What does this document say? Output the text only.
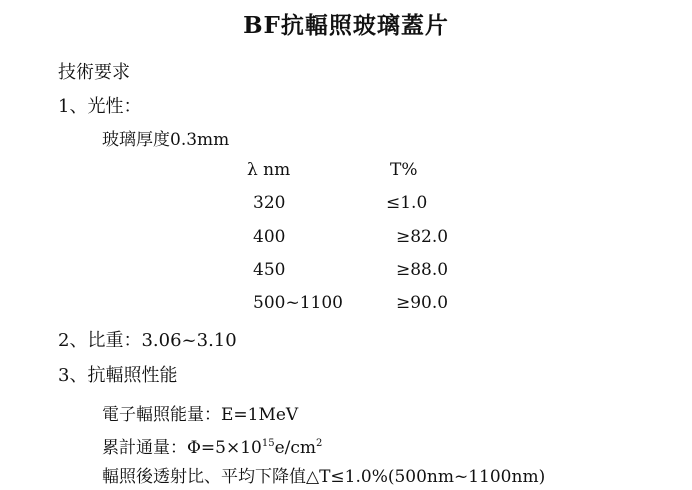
BF抗輻照玻璃蓋片
技術要求
1、光性：
玻璃厚度0.3mm
λ nm	T%
320	≤1.0
400	≥82.0
450	≥88.0
500~1100	≥90.0
2、比重：3.06~3.10
3、抗輻照性能
電子輻照能量：E=1MeV
累計通量：$\Phi=5\times 10^{15}e/cm^2$
輻照後透射比、平均下降值△T≤1.0%(500nm~1100nm)
